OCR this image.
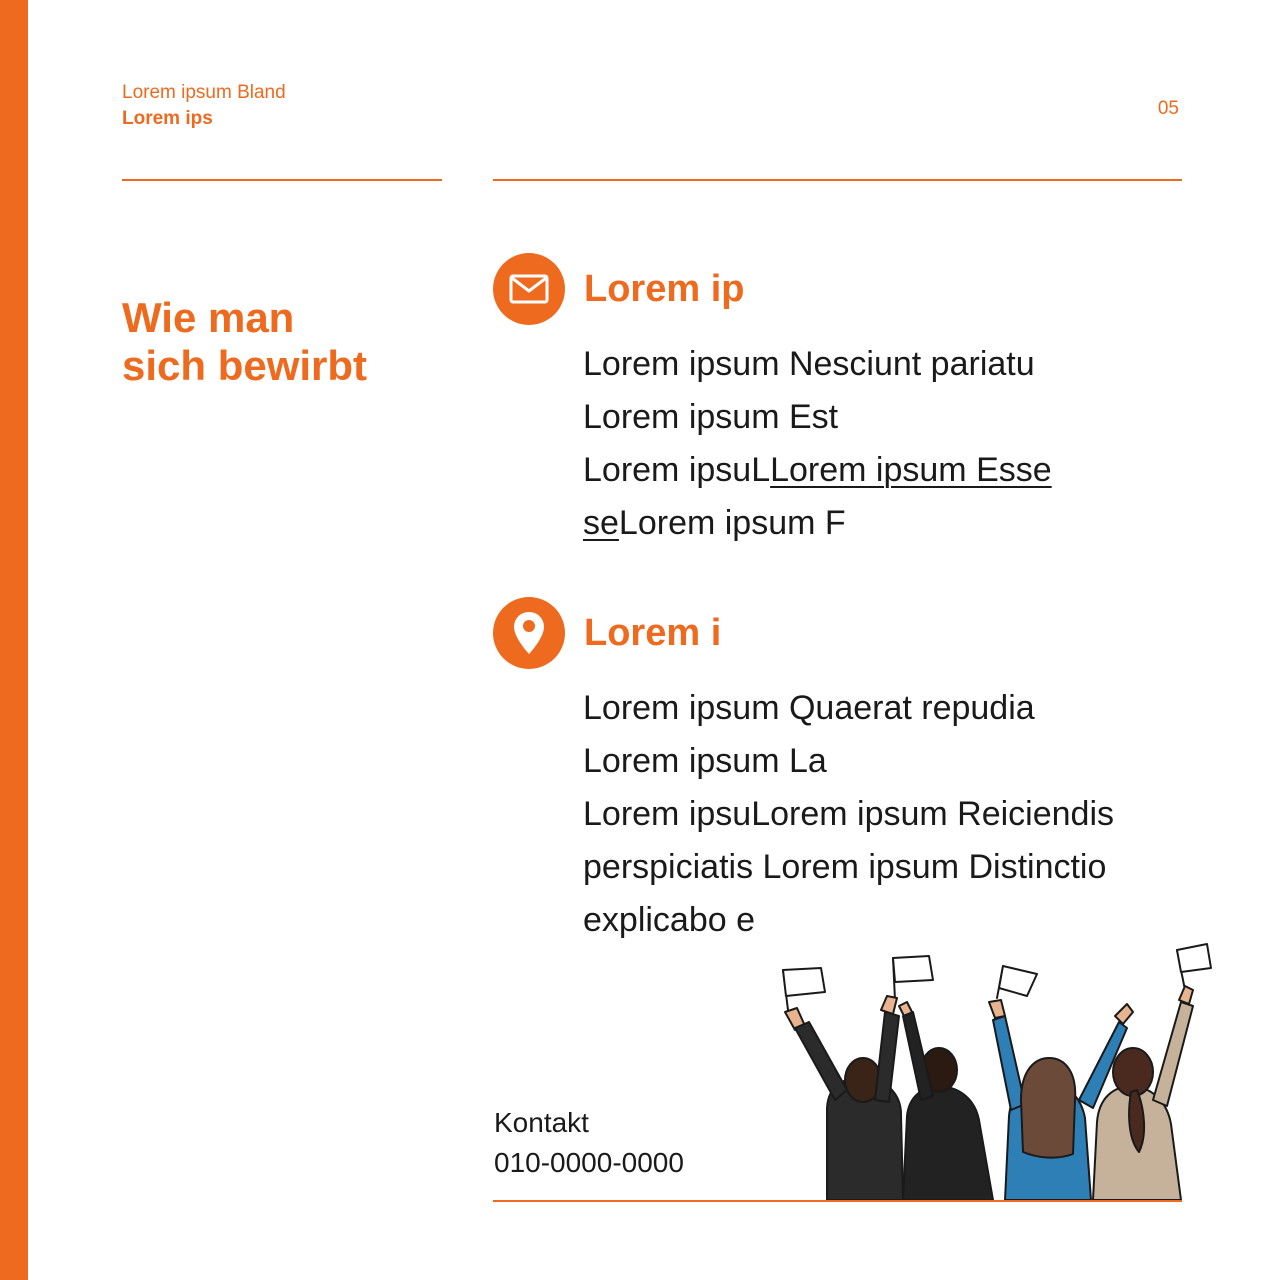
Lorem ipsum Bland
Lorem ips	05
Wie man
sich bewirbt
Lorem ip
Lorem ipsum Nesciunt pariatu
Lorem ipsum Est
Lorem ipsuLLorem ipsum Esse
seLorem ipsum F
Lorem i
Lorem ipsum Quaerat repudia
Lorem ipsum La
Lorem ipsuLorem ipsum Reiciendis
perspiciatis Lorem ipsum Distinctio
explicabo e
Kontakt
010-0000-0000
